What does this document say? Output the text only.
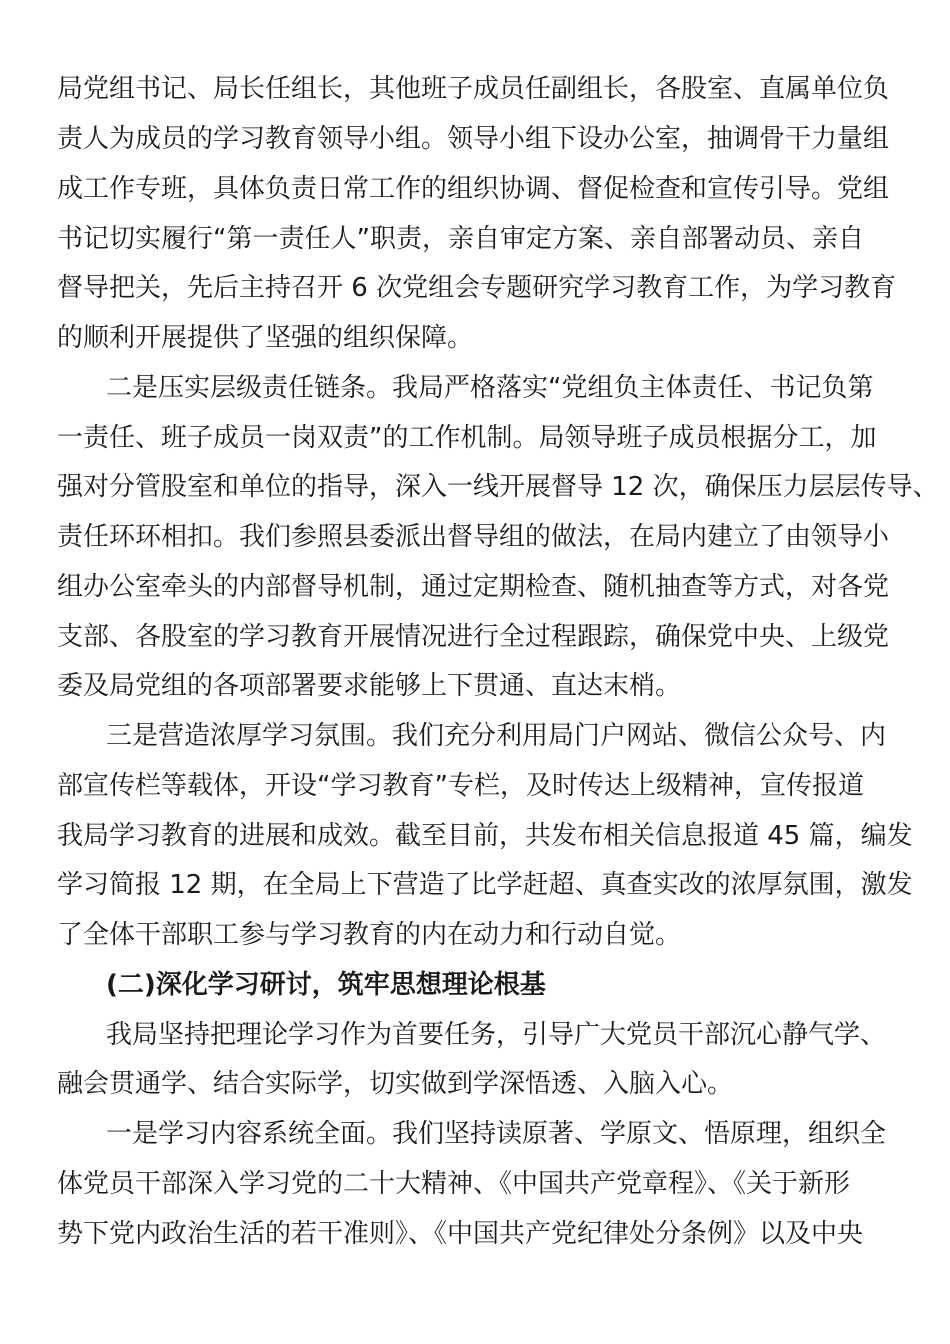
局党组书记、局长任组长，其他班子成员任副组长，各股室、直属单位负
责人为成员的学习教育领导小组。领导小组下设办公室，抽调骨干力量组
成工作专班，具体负责日常工作的组织协调、督促检查和宣传引导。党组
书记切实履行“第一责任人”职责，亲自审定方案、亲自部署动员、亲自
督导把关，先后主持召开 6 次党组会专题研究学习教育工作，为学习教育
的顺利开展提供了坚强的组织保障。
二是压实层级责任链条。我局严格落实“党组负主体责任、书记负第
一责任、班子成员一岗双责”的工作机制。局领导班子成员根据分工，加
强对分管股室和单位的指导，深入一线开展督导 12 次，确保压力层层传导、
责任环环相扣。我们参照县委派出督导组的做法，在局内建立了由领导小
组办公室牵头的内部督导机制，通过定期检查、随机抽查等方式，对各党
支部、各股室的学习教育开展情况进行全过程跟踪，确保党中央、上级党
委及局党组的各项部署要求能够上下贯通、直达末梢。
三是营造浓厚学习氛围。我们充分利用局门户网站、微信公众号、内
部宣传栏等载体，开设“学习教育”专栏，及时传达上级精神，宣传报道
我局学习教育的进展和成效。截至目前，共发布相关信息报道 45 篇，编发
学习简报 12 期，在全局上下营造了比学赶超、真查实改的浓厚氛围，激发
了全体干部职工参与学习教育的内在动力和行动自觉。
(二)深化学习研讨，筑牢思想理论根基
我局坚持把理论学习作为首要任务，引导广大党员干部沉心静气学、
融会贯通学、结合实际学，切实做到学深悟透、入脑入心。
一是学习内容系统全面。我们坚持读原著、学原文、悟原理，组织全
体党员干部深入学习党的二十大精神、《中国共产党章程》、《关于新形
势下党内政治生活的若干准则》、《中国共产党纪律处分条例》以及中央
